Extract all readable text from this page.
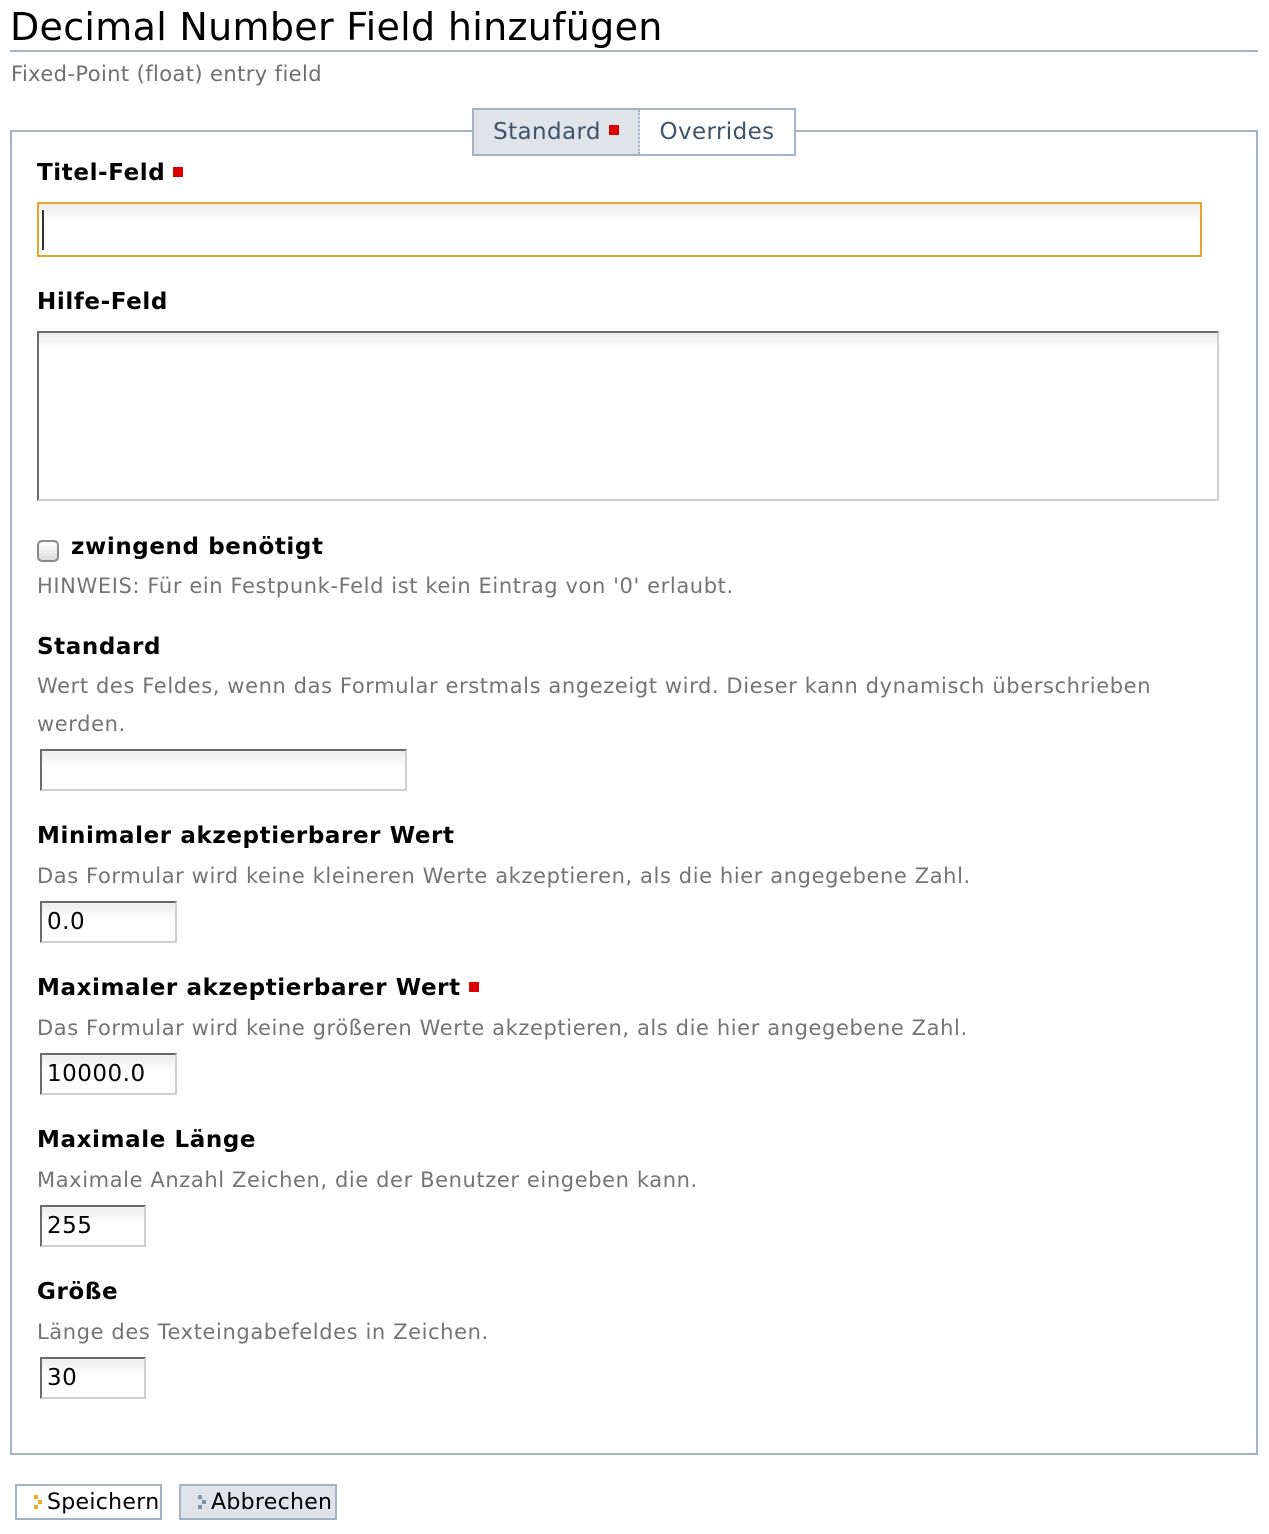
Decimal Number Field hinzufügen
Fixed-Point (float) entry field
Standard	Overrides
Titel-Feld
Hilfe-Feld
zwingend benötigt
HINWEIS: Für ein Festpunk-Feld ist kein Eintrag von '0' erlaubt.
Standard
Wert des Feldes, wenn das Formular erstmals angezeigt wird. Dieser kann dynamisch überschrieben
werden.
Minimaler akzeptierbarer Wert
Das Formular wird keine kleineren Werte akzeptieren, als die hier angegebene Zahl.
0.0
Maximaler akzeptierbarer Wert
Das Formular wird keine größeren Werte akzeptieren, als die hier angegebene Zahl.
10000.0
Maximale Länge
Maximale Anzahl Zeichen, die der Benutzer eingeben kann.
255
Größe
Länge des Texteingabefeldes in Zeichen.
30
Speichern Abbrechen
